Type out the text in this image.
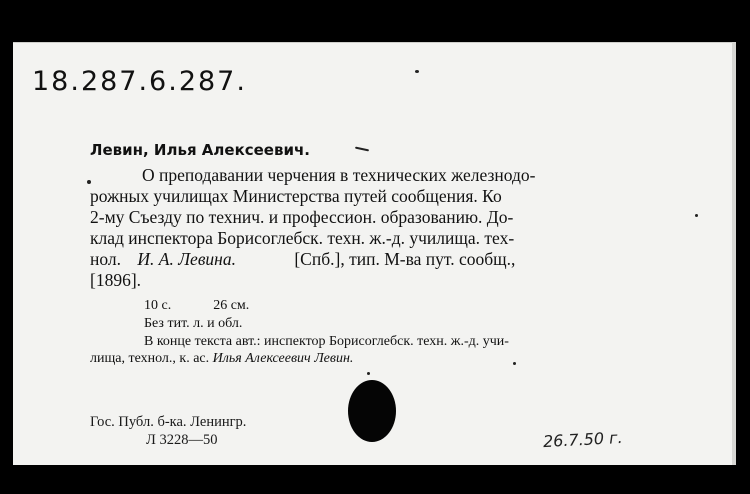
18.287.6.287.
Левин, Илья Алексеевич.
О преподавании черчения в технических железнодо-
рожных училищах Министерства путей сообщения. Ко
2-му Съезду по технич. и профессион. образованию. До-
клад инспектора Борисоглебск. техн. ж.-д. училища. тех-
нол. И. А. Левина.	[Спб.], тип. М-ва пут. сообщ.,
[1896].
10 с.	26 см.
Без тит. л. и обл.
В конце текста авт.: инспектор Борисоглебск. техн. ж.-д. учи-
лища, технол., к. ас. Илья Алексеевич Левин.
Гос. Публ. б-ка. Ленингр.
Л 3228—50	26.7.50 г.
